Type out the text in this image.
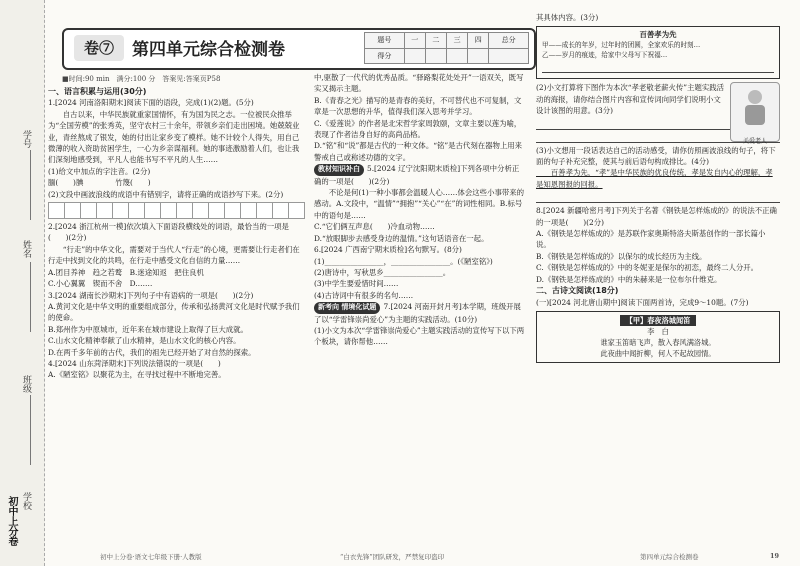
学号
姓名
班级
学校
初中上分卷
卷⑦	第四单元综合检测卷	题号	一	二	三	四	总分
得分					
■时间:90 min　满分:100 分　答案见:答案页P58

一、语言积累与运用(30分)

1.[2024 河南洛阳期末]阅读下面的语段，完成(1)(2)题。(5分)

　　自古以来，中华民族就重家国情怀，有为国为民之志。一位被民众推举为“全国劳模”的张秀英，坚守农村三十余年，带领乡亲们走出困境。她兢兢业业，青丝熬成了银发，她的付出让家乡变了模样。她不计较个人得失，用自己微薄的收入资助贫困学生，一心为乡亲谋福利。她的事迹激励着人们，也让我们深刻地感受到，平凡人也能书写不平凡的人生……

(1)给文中加点的字注音。(2分)

腼(　　)腆　　　　	竹篾(　　)

(2)文段中画波浪线的成语中有错别字，请将正确的成语抄写下来。(2分)

2.[2024 浙江杭州一模]依次填入下面语段横线处的词语，最恰当的一项是(　　)(2分)

　　“行走”的中华文化，需要对于当代人“行走”的心境，更需要让行走者们在行走中找到文化的共鸣，在行走中感受文化自信的力量……

A.团目养神　趋之若鹜　B.迷途知返　把住良机

C.小心翼翼　锲而不舍　D.……

3.[2024 湖南长沙期末]下列句子中有语病的一项是(　　)(2分)

A.黄河文化是中华文明的重要组成部分，传承和弘扬黄河文化是时代赋予我们的使命。

B.郑州作为中原城市，近年来在城市建设上取得了巨大成就。

C.山水文化精神奉献了山水精神，是山水文化的核心内容。

D.在两千多年前的古代，我们的祖先已经开始了对自然的探索。

4.[2024 山东菏泽期末]下列说法错误的一项是(　　)

A.《陋室铭》以聚花为主，在寻找过程中不断地完善。

中,驱散了一代代的优秀品质。“驿路梨花处处开”一语双关，既写实又揭示主题。

B.《青春之光》描写的是青春的美好，不可替代也不可复制，文章是一次思想的升华，值得我们深入思考并学习。

C.《爱莲说》的作者是北宋哲学家周敦颐，文章主要以莲为喻，表现了作者洁身自好的高尚品格。

D.“铭”和“说”都是古代的一种文体。“铭”是古代刻在器物上用来警戒自己或称述功德的文字。

教材知识补白 5.[2024 辽宁沈阳期末质检]下列各项中分析正确的一项是(　　)(2分)

　　不论是何(1)一种小事都会温暖人心……体会这些小事带来的感动。A.文段中，“温情”“拥抱”“关心”“在”的词性相同。B.标号中的语句是……

C.“它们俩互声息(　　)冷血动物……

D.“放眼脚步去感受身边的温情。”这句话语音在一起。

6.[2024 广西南宁期末质检]名句默写。(8分)

(1)________________，________________。(《陋室铭》)

(2)唐诗中，写秋思乡________________。

(3)中学生要爱惜时间……

(4)古诗词中有很多的名句……

新考向 情境化试题 7.[2024 河南开封月考]本学期，班级开展了以“学雷锋崇尚爱心”为主题的实践活动。(10分)

(1)小文为本次“学雷锋崇尚爱心”主题实践活动的宣传写下以下两个板块，请你帮他……

其具体内容。(3分)

百善孝为先

甲——成长的年岁，过年时的团圆，全家欢乐的时刻…

乙——岁月的痕迹，给家中父母写下祝福…

关爱老人

(2)小文打算将下图作为本次“孝老敬老薪火传”主题实践活动的海报，请你结合图片内容和宣传词向同学们说明小文设计该图的用意。(3分)

(3)小文想用一段话表达自己的活动感受，请你仿照画波浪线的句子，将下面的句子补充完整，使其与前后语句构成排比。(4分)

　　百善孝为先，“孝”是中华民族的优良传统，孝是发自内心的理解，孝是知恩图报的回报。

8.[2024 新疆哈密月考]下列关于名著《钢铁是怎样炼成的》的说法不正确的一项是(　　)(2分)

A.《钢铁是怎样炼成的》是苏联作家奥斯特洛夫斯基创作的一部长篇小说。

B.《钢铁是怎样炼成的》以保尔的成长经历为主线。

C.《钢铁是怎样炼成的》中的冬妮亚是保尔的初恋，最终二人分开。

D.《钢铁是怎样炼成的》中的朱赫来是一位布尔什维克。

二、古诗文阅读(18分)

(一)[2024 河北唐山期中]阅读下面两首诗，完成9～10题。(7分)

【甲】春夜洛城闻笛
李　白
谁家玉笛暗飞声，散入春风满洛城。
此夜曲中闻折柳，何人不起故园情。
初中上分卷·语文七年级下册·人教版	“白衣先锋”团队研发，严禁复印盗印	第四单元综合检测卷	19
